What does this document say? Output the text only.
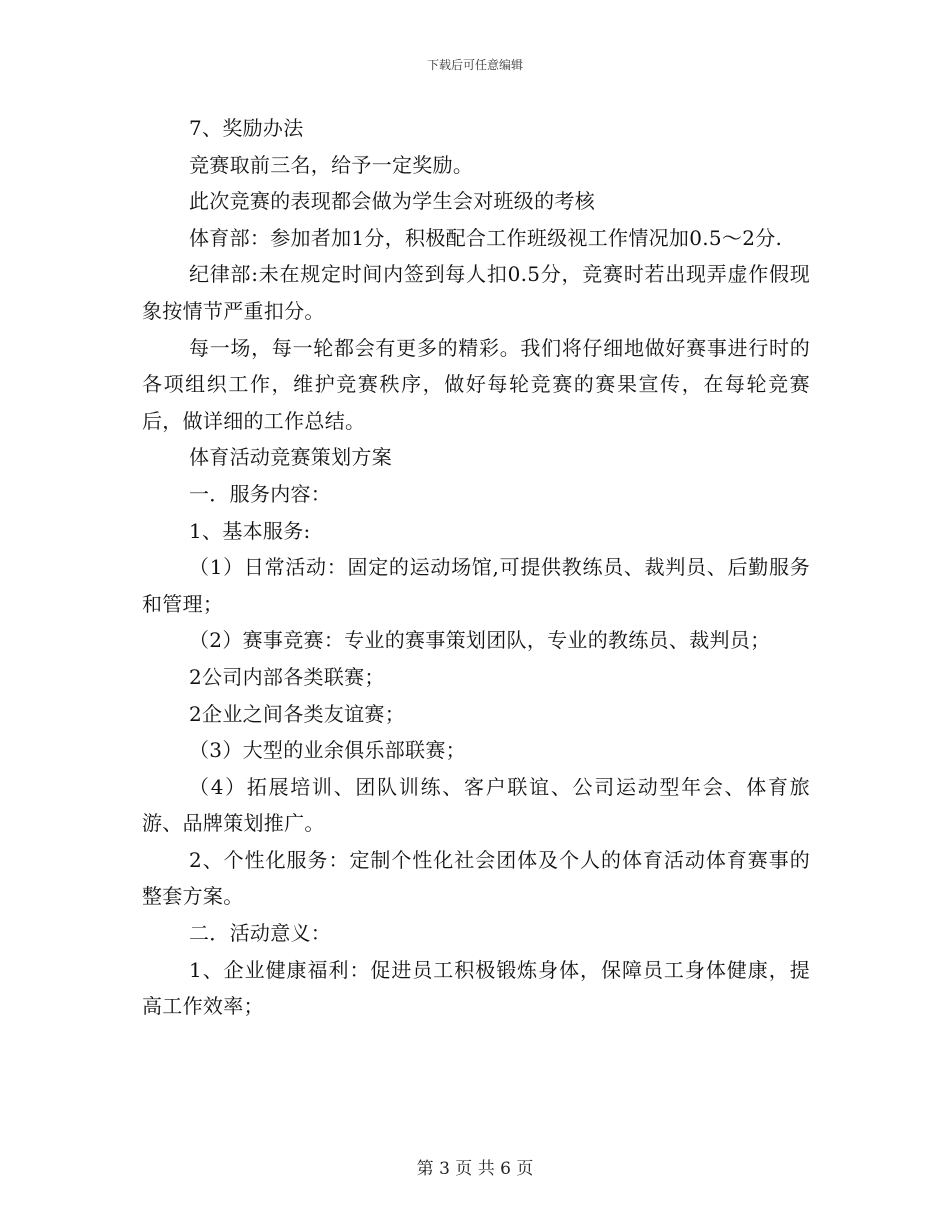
下载后可任意编辑

7、奖励办法

竞赛取前三名，给予一定奖励。

此次竞赛的表现都会做为学生会对班级的考核

体育部：参加者加1分，积极配合工作班级视工作情况加0.5～2分.

纪律部:未在规定时间内签到每人扣0.5分，竞赛时若出现弄虚作假现象按情节严重扣分。

每一场，每一轮都会有更多的精彩。我们将仔细地做好赛事进行时的各项组织工作，维护竞赛秩序，做好每轮竞赛的赛果宣传，在每轮竞赛后，做详细的工作总结。

体育活动竞赛策划方案

一．服务内容：

1、基本服务:

（1）日常活动：固定的运动场馆,可提供教练员、裁判员、后勤服务和管理；

（2）赛事竞赛：专业的赛事策划团队，专业的教练员、裁判员；

2公司内部各类联赛；

2企业之间各类友谊赛；

（3）大型的业余俱乐部联赛；

（4）拓展培训、团队训练、客户联谊、公司运动型年会、体育旅游、品牌策划推广。

2、个性化服务：定制个性化社会团体及个人的体育活动体育赛事的整套方案。

二．活动意义：

1、企业健康福利：促进员工积极锻炼身体，保障员工身体健康，提高工作效率；

第 3 页 共 6 页
